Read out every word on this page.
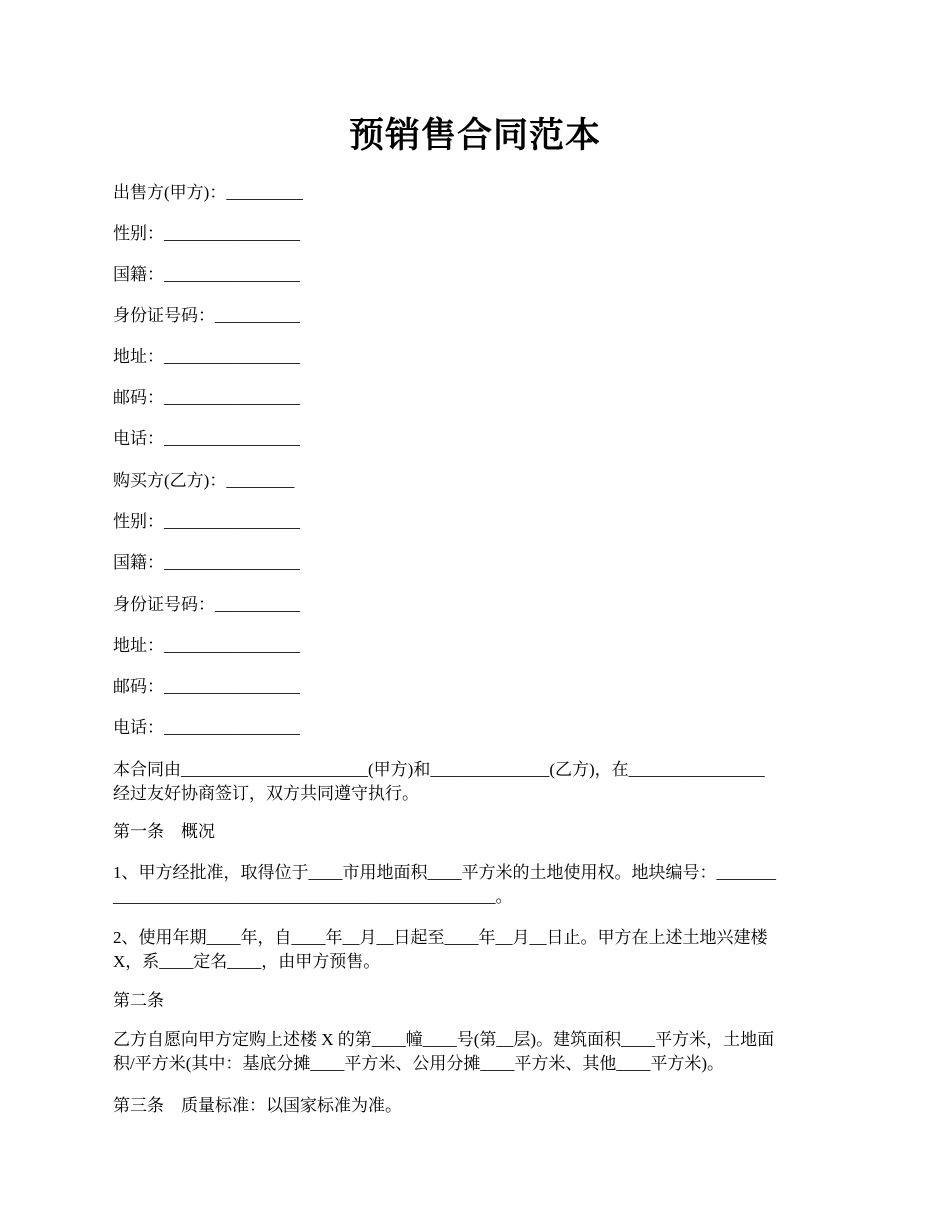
预销售合同范本
出售方(甲方)：_________
性别：________________
国籍：________________
身份证号码：__________
地址：________________
邮码：________________
电话：________________
购买方(乙方)：________
性别：________________
国籍：________________
身份证号码：__________
地址：________________
邮码：________________
电话：________________
本合同由______________________(甲方)和______________(乙方)，在________________
经过友好协商签订，双方共同遵守执行。
第一条　概况
1、甲方经批准，取得位于____市用地面积____平方米的土地使用权。地块编号：_______
_____________________________________________。
2、使用年期____年，自____年__月__日起至____年__月__日止。甲方在上述土地兴建楼
X，系____定名____，由甲方预售。
第二条
乙方自愿向甲方定购上述楼 X 的第____幢____号(第__层)。建筑面积____平方米，土地面
积/平方米(其中：基底分摊____平方米、公用分摊____平方米、其他____平方米)。
第三条　质量标准：以国家标准为准。
